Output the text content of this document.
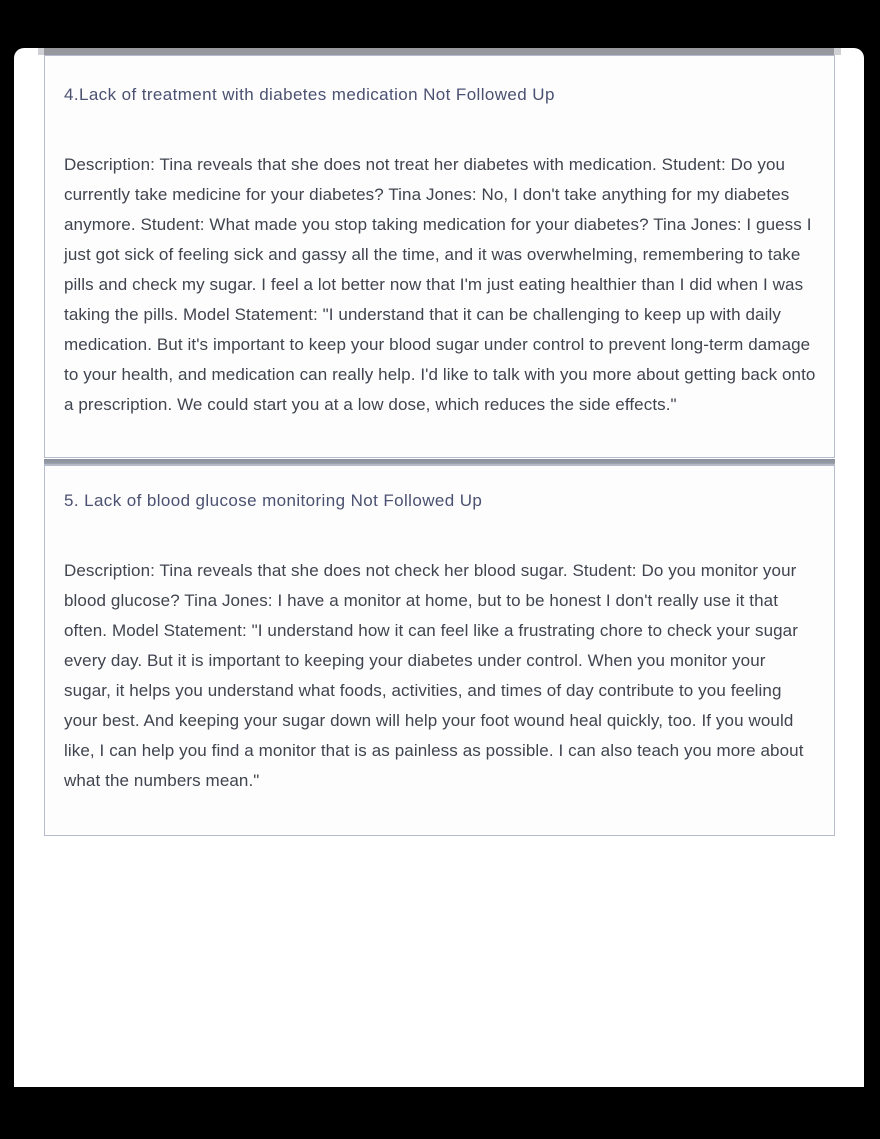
4.Lack of treatment with diabetes medication Not Followed Up

Description: Tina reveals that she does not treat her diabetes with medication. Student: Do you currently take medicine for your diabetes? Tina Jones: No, I don't take anything for my diabetes anymore. Student: What made you stop taking medication for your diabetes? Tina Jones: I guess I just got sick of feeling sick and gassy all the time, and it was overwhelming, remembering to take pills and check my sugar. I feel a lot better now that I'm just eating healthier than I did when I was taking the pills. Model Statement: "I understand that it can be challenging to keep up with daily medication. But it's important to keep your blood sugar under control to prevent long-term damage to your health, and medication can really help. I'd like to talk with you more about getting back onto a prescription. We could start you at a low dose, which reduces the side effects."

5. Lack of blood glucose monitoring Not Followed Up

Description: Tina reveals that she does not check her blood sugar. Student: Do you monitor your blood glucose? Tina Jones: I have a monitor at home, but to be honest I don't really use it that often. Model Statement: "I understand how it can feel like a frustrating chore to check your sugar every day. But it is important to keeping your diabetes under control. When you monitor your sugar, it helps you understand what foods, activities, and times of day contribute to you feeling your best. And keeping your sugar down will help your foot wound heal quickly, too. If you would like, I can help you find a monitor that is as painless as possible. I can also teach you more about what the numbers mean."
